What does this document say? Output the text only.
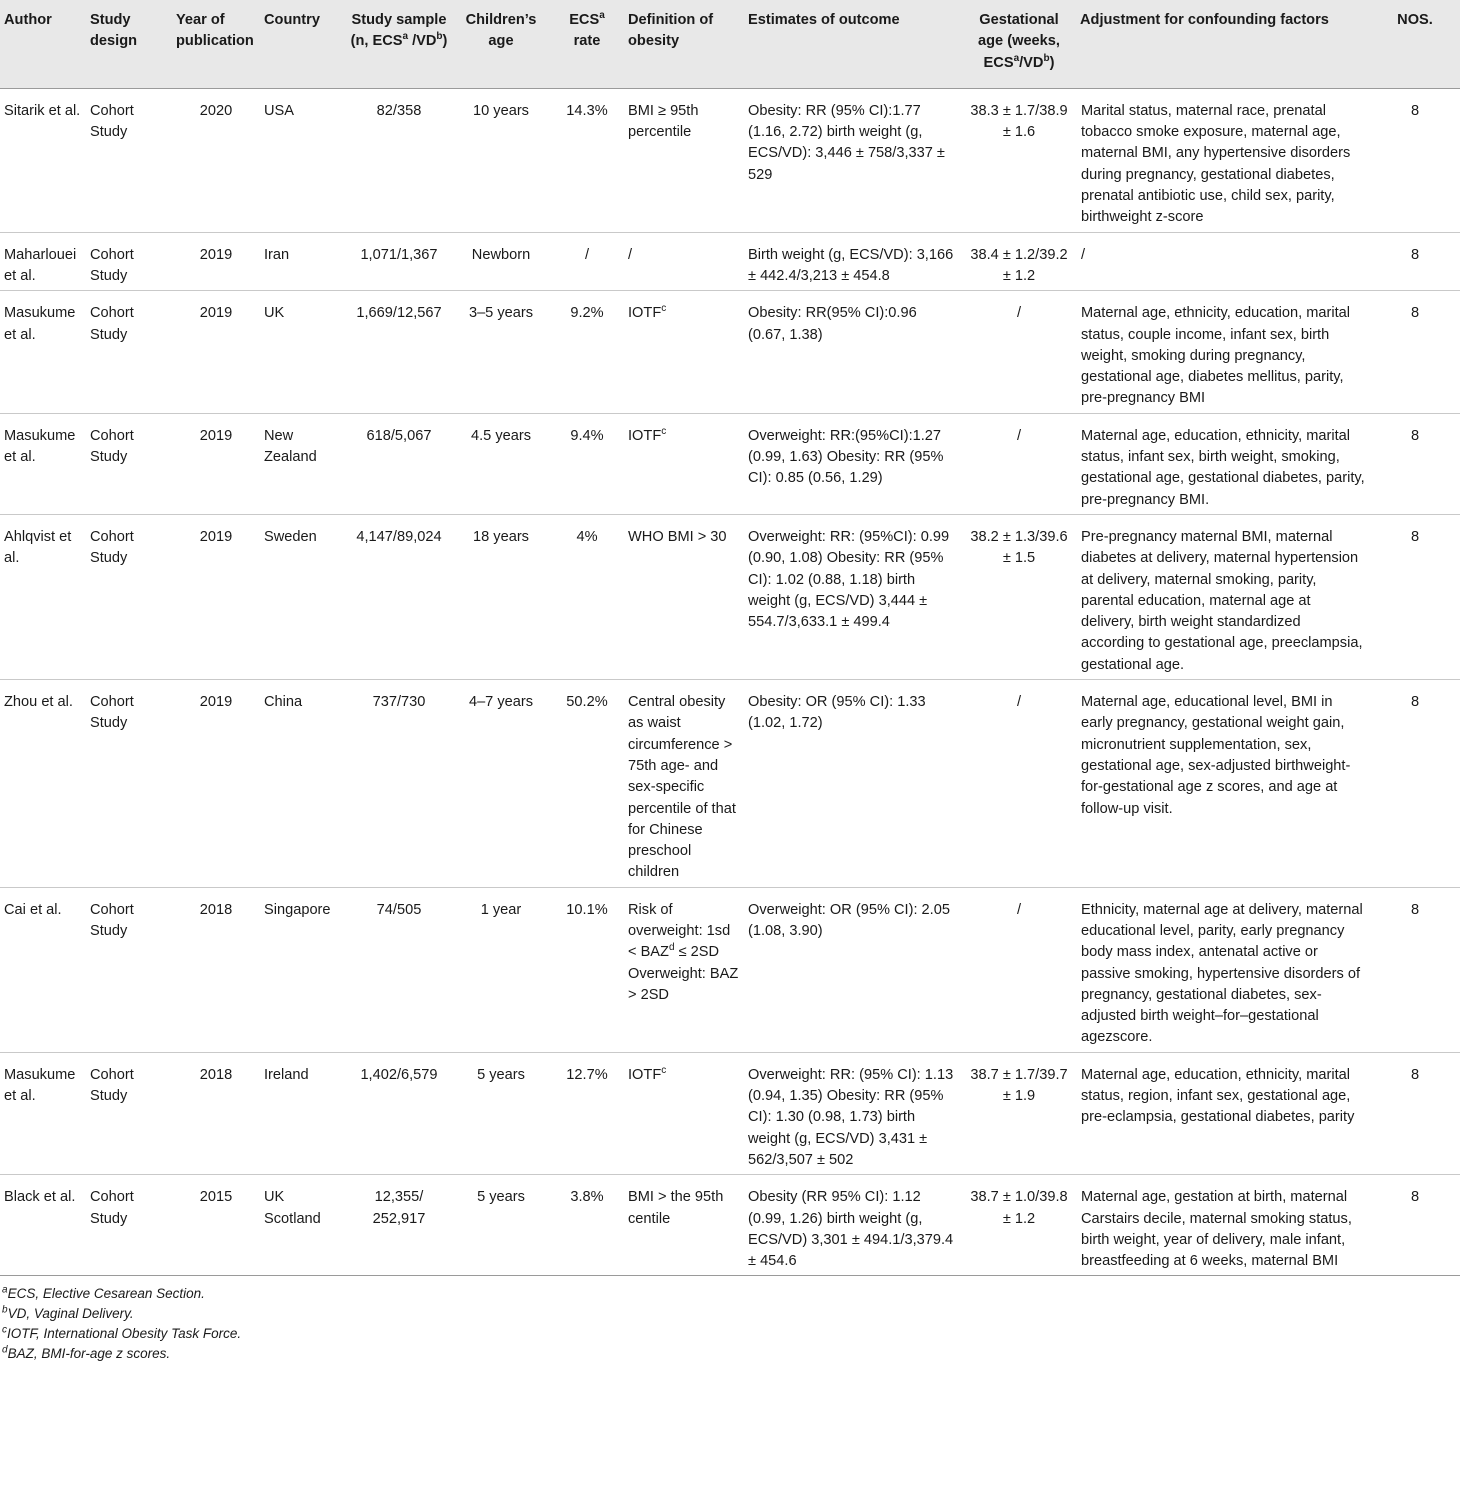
Author	Study design	Year of publication	Country	Study sample (n, ECS$^a$ $/VD^b$)	Children’s age	ECS$^a$ rate	Definition of obesity	Estimates of outcome	Gestational age (weeks, $ECS^a/VD^b$)	Adjustment for confounding factors	NOS.
Sitarik et al.	Cohort Study	2020	USA	82/358	10 years	14.3%	BMI ≥ 95th percentile	Obesity: RR (95% CI):1.77 (1.16, 2.72) birth weight (g, ECS/VD): 3,446 ± 758/3,337 ± 529	38.3 ± 1.7/38.9 ± 1.6	Marital status, maternal race, prenatal tobacco smoke exposure, maternal age, maternal BMI, any hypertensive disorders during pregnancy, gestational diabetes, prenatal antibiotic use, child sex, parity, birthweight z-score	8
Maharlouei et al.	Cohort Study	2019	Iran	1,071/1,367	Newborn	/	/	Birth weight (g, ECS/VD): 3,166 ± 442.4/3,213 ± 454.8	38.4 ± 1.2/39.2 ± 1.2	/	8
Masukume et al.	Cohort Study	2019	UK	1,669/12,567	3–5 years	9.2%	IOTF$^c$	Obesity: RR(95% CI):0.96 (0.67, 1.38)	/	Maternal age, ethnicity, education, marital status, couple income, infant sex, birth weight, smoking during pregnancy, gestational age, diabetes mellitus, parity, pre-pregnancy BMI	8
Masukume et al.	Cohort Study	2019	New Zealand	618/5,067	4.5 years	9.4%	IOTF$^c$	Overweight: RR:(95%CI):1.27 (0.99, 1.63) Obesity: RR (95% CI): 0.85 (0.56, 1.29)	/	Maternal age, education, ethnicity, marital status, infant sex, birth weight, smoking, gestational age, gestational diabetes, parity, pre-pregnancy BMI.	8
Ahlqvist et al.	Cohort Study	2019	Sweden	4,147/89,024	18 years	4%	WHO BMI > 30	Overweight: RR: (95%CI): 0.99 (0.90, 1.08) Obesity: RR (95% CI): 1.02 (0.88, 1.18) birth weight (g, ECS/VD) 3,444 ± 554.7/3,633.1 ± 499.4	38.2 ± 1.3/39.6 ± 1.5	Pre-pregnancy maternal BMI, maternal diabetes at delivery, maternal hypertension at delivery, maternal smoking, parity, parental education, maternal age at delivery, birth weight standardized according to gestational age, preeclampsia, gestational age.	8
Zhou et al.	Cohort Study	2019	China	737/730	4–7 years	50.2%	Central obesity as waist circumference > 75th age- and sex-specific percentile of that for Chinese preschool children	Obesity: OR (95% CI): 1.33 (1.02, 1.72)	/	Maternal age, educational level, BMI in early pregnancy, gestational weight gain, micronutrient supplementation, sex, gestational age, sex-adjusted birthweight-for-gestational age z scores, and age at follow-up visit.	8
Cai et al.	Cohort Study	2018	Singapore	74/505	1 year	10.1%	Risk of overweight: $1sd < BAZ^d \le 2SD$ Overweight: BAZ > 2SD	Overweight: OR (95% CI): 2.05 (1.08, 3.90)	/	Ethnicity, maternal age at delivery, maternal educational level, parity, early pregnancy body mass index, antenatal active or passive smoking, hypertensive disorders of pregnancy, gestational diabetes, sex-adjusted birth weight–for–gestational agezscore.	8
Masukume et al.	Cohort Study	2018	Ireland	1,402/6,579	5 years	12.7%	IOTF$^c$	Overweight: RR: (95% CI): 1.13 (0.94, 1.35) Obesity: RR (95% CI): 1.30 (0.98, 1.73) birth weight (g, ECS/VD) 3,431 ± 562/3,507 ± 502	38.7 ± 1.7/39.7 ± 1.9	Maternal age, education, ethnicity, marital status, region, infant sex, gestational age, pre-eclampsia, gestational diabetes, parity	8
Black et al.	Cohort Study	2015	UK Scotland	12,355/ 252,917	5 years	3.8%	BMI > the 95th centile	Obesity (RR 95% CI): 1.12 (0.99, 1.26) birth weight (g, ECS/VD) 3,301 ± 494.1/3,379.4 ± 454.6	38.7 ± 1.0/39.8 ± 1.2	Maternal age, gestation at birth, maternal Carstairs decile, maternal smoking status, birth weight, year of delivery, male infant, breastfeeding at 6 weeks, maternal BMI	8
$^a$ECS, Elective Cesarean Section.
$^b$VD, Vaginal Delivery.
$^c$IOTF, International Obesity Task Force.
$^d$BAZ, BMI-for-age z scores.
